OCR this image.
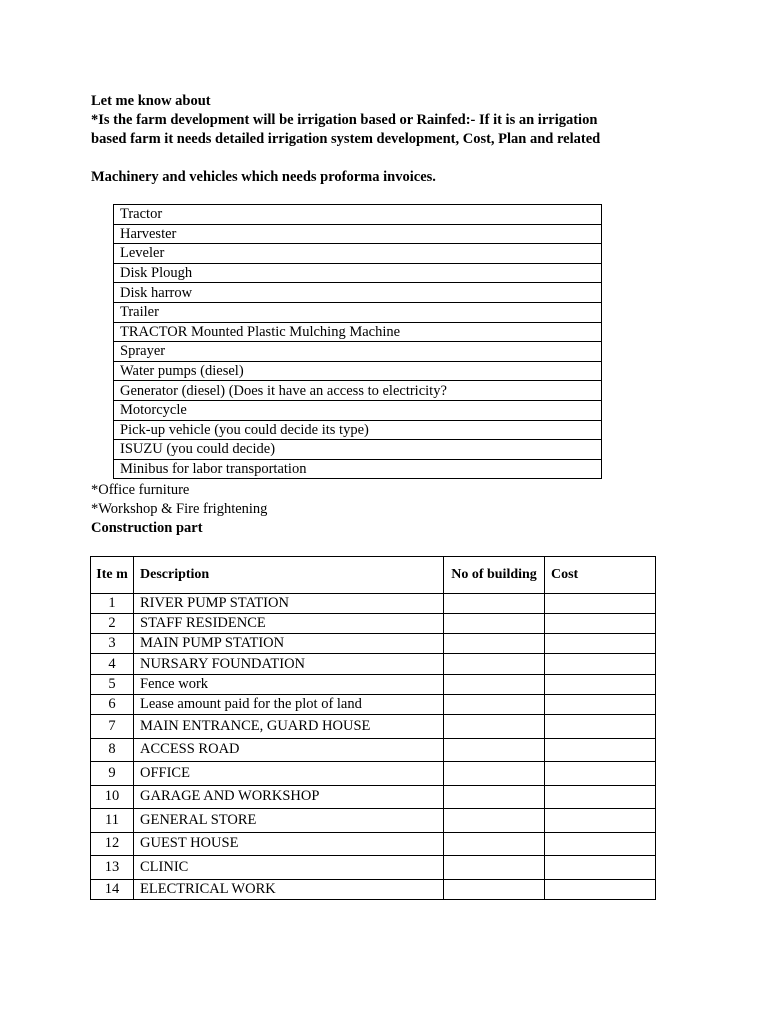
Let me know about
*Is the farm development will be irrigation based or Rainfed:- If it is an irrigation
based farm it needs detailed irrigation system development, Cost, Plan and related
Machinery and vehicles which needs proforma invoices.
Tractor
Harvester
Leveler
Disk Plough
Disk harrow
Trailer
TRACTOR Mounted Plastic Mulching Machine
Sprayer
Water pumps (diesel)
Generator (diesel) (Does it have an access to electricity?
Motorcycle
Pick-up vehicle (you could decide its type)
ISUZU (you could decide)
Minibus for labor transportation
*Office furniture
*Workshop & Fire frightening
Construction part
Ite m	Description	No of building	Cost
1	RIVER PUMP STATION		
2	STAFF RESIDENCE		
3	MAIN PUMP STATION		
4	NURSARY FOUNDATION		
5	Fence work		
6	Lease amount paid for the plot of land		
7	MAIN ENTRANCE, GUARD HOUSE		
8	ACCESS ROAD		
9	OFFICE		
10	GARAGE AND WORKSHOP		
11	GENERAL STORE		
12	GUEST HOUSE		
13	CLINIC		
14	ELECTRICAL WORK		
